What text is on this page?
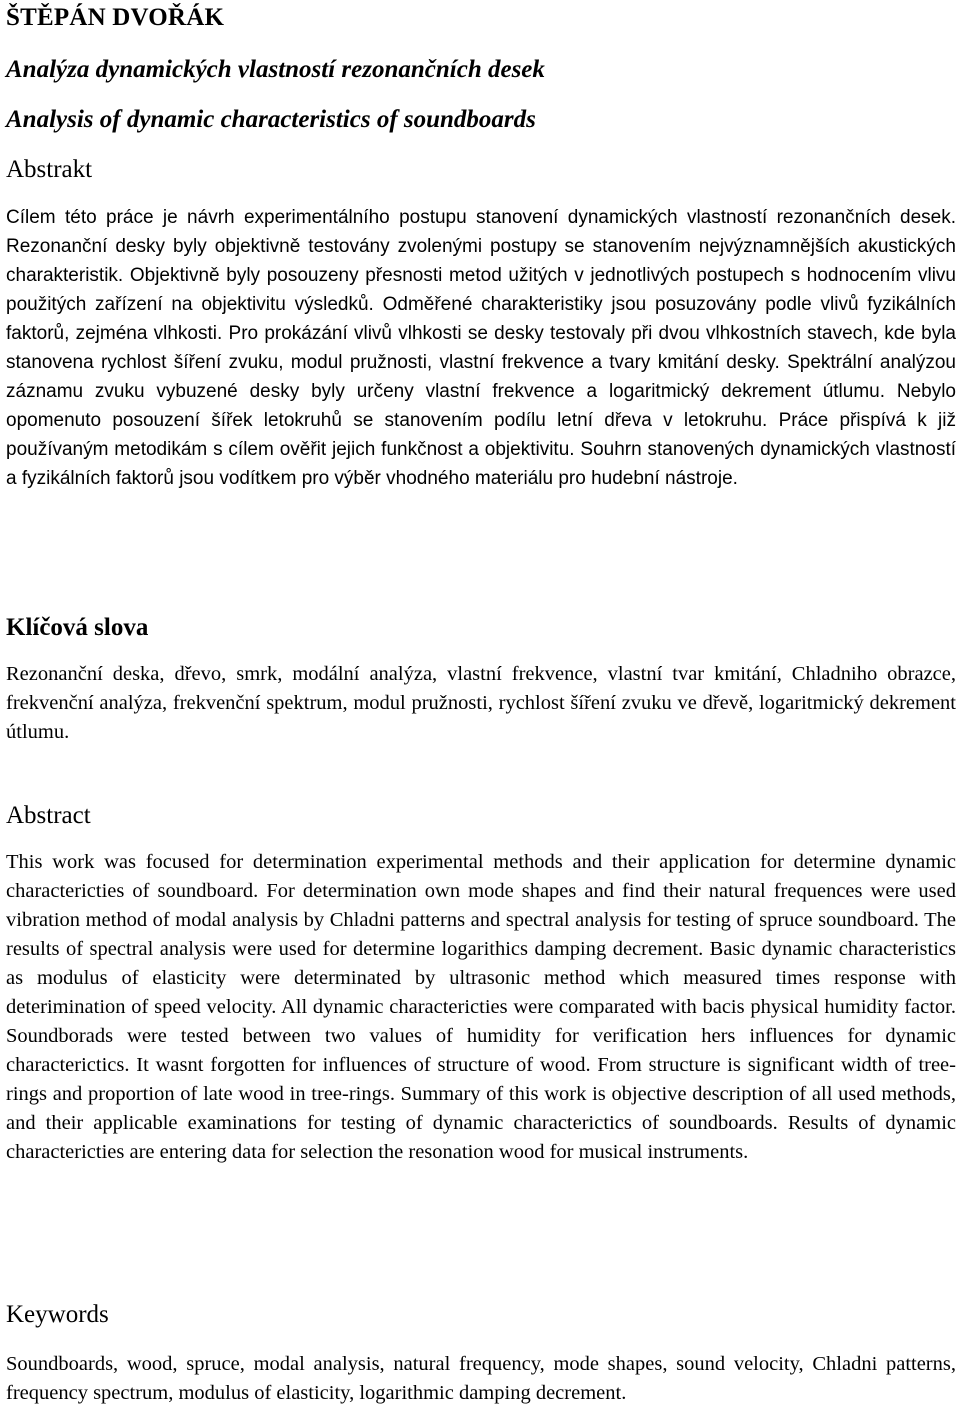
ŠTĚPÁN DVOŘÁK
Analýza dynamických vlastností rezonančních desek
Analysis of dynamic characteristics of soundboards
Abstrakt

Cílem této práce je návrh experimentálního postupu stanovení dynamických vlastností rezonančních desek. Rezonanční desky byly objektivně testovány zvolenými postupy se stanovením nejvýznamnějších akustických charakteristik. Objektivně byly posouzeny přesnosti metod užitých v jednotlivých postupech s hodnocením vlivu použitých zařízení na objektivitu výsledků. Odměřené charakteristiky jsou posuzovány podle vlivů fyzikálních faktorů, zejména vlhkosti. Pro prokázání vlivů vlhkosti se desky testovaly při dvou vlhkostních stavech, kde byla stanovena rychlost šíření zvuku, modul pružnosti, vlastní frekvence a tvary kmitání desky. Spektrální analýzou záznamu zvuku vybuzené desky byly určeny vlastní frekvence a logaritmický dekrement útlumu. Nebylo opomenuto posouzení šířek letokruhů se stanovením podílu letní dřeva v letokruhu. Práce přispívá k již používaným metodikám s cílem ověřit jejich funkčnost a objektivitu. Souhrn stanovených dynamických vlastností a fyzikálních faktorů jsou vodítkem pro výběr vhodného materiálu pro hudební nástroje.

Klíčová slova

Rezonanční deska, dřevo, smrk, modální analýza, vlastní frekvence, vlastní tvar kmitání, Chladniho obrazce, frekvenční analýza, frekvenční spektrum, modul pružnosti, rychlost šíření zvuku ve dřevě, logaritmický dekrement útlumu.

Abstract

This work was focused for determination experimental methods and their application for determine dynamic charactericties of soundboard. For determination own mode shapes and find their natural frequences were used vibration method of modal analysis by Chladni patterns and spectral analysis for testing of spruce soundboard. The results of spectral analysis were used for determine logarithics damping decrement. Basic dynamic characteristics as modulus of elasticity were determinated by ultrasonic method which measured times response with deterimination of speed velocity. All dynamic charactericties were comparated with bacis physical humidity factor. Soundborads were tested between two values of humidity for verification hers influences for dynamic characterictics. It wasnt forgotten for influences of structure of wood. From structure is significant width of tree-rings and proportion of late wood in tree-rings. Summary of this work is objective description of all used methods, and their applicable examinations for testing of dynamic characterictics of soundboards. Results of dynamic charactericties are entering data for selection the resonation wood for musical instruments.

Keywords

Soundboards, wood, spruce, modal analysis, natural frequency, mode shapes, sound velocity, Chladni patterns, frequency spectrum, modulus of elasticity, logarithmic damping decrement.
